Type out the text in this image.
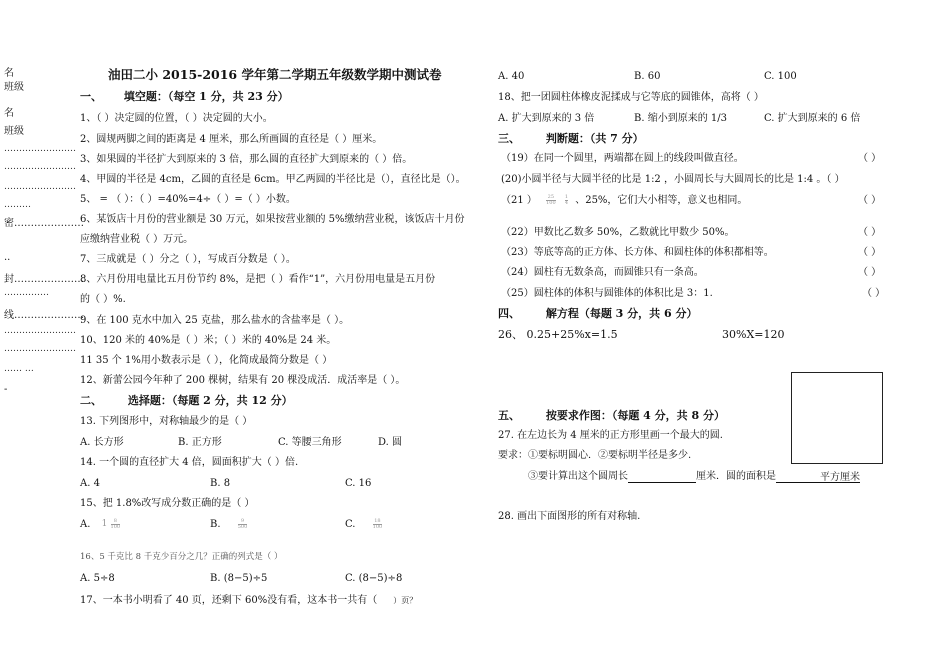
名
班级
名
班级
……………………
……………………
……………………
………
密…………………
..
封…………………
……………
线…………………
……………………
……………………
…… …
-
油田二小 2015-2016 学年第二学期五年级数学期中测试卷
一、 填空题：（每空 1 分，共 23 分）
1、（ ）决定圆的位置，（ ）决定圆的大小。
2、圆规两脚之间的距离是 4 厘米，那么所画圆的直径是（ ）厘米。
3、如果圆的半径扩大到原来的 3 倍，那么圆的直径扩大到原来的（ ）倍。
4、甲圆的半径是 4cm，乙圆的直径是 6cm。甲乙两圆的半径比是（），直径比是（）。
5、 = （ ）：（ ）=40%=4÷（ ）=（ ）小数。
6、某饭店十月份的营业额是 30 万元，如果按营业额的 5%缴纳营业税，该饭店十月份
应缴纳营业税（ ）万元。
7、三成就是（ ）分之（ ），写成百分数是（ ）。
8、六月份用电量比五月份节约 8%，是把（ ）看作“1”，六月份用电量是五月份
的（ ）%.
9、在 100 克水中加入 25 克盐，那么盐水的含盐率是（ ）。
10、120 米的 40%是（ ）米；（ ）米的 40%是 24 米。
11 35 个 1%用小数表示是（ ），化简成最简分数是（ ）
12、新蕾公园今年种了 200 棵树，结果有 20 棵没成活．成活率是（ ）。
二、 选择题：（每题 2 分，共 12 分）
13. 下列图形中，对称轴最少的是（ ）
A. 长方形	B. 正方形	C. 等腰三角形	D. 圆
14. 一个圆的直径扩大 4 倍，圆面积扩大（ ）倍.
A. 4	B. 8	C. 16
15、把 1.8%改写成分数正确的是（ ）
A. $1 \frac{8}{100}$	B.	$\frac{9}{500}$	C.	$\frac{18}{100}$
16、5 千克比 8 千克少百分之几？正确的列式是（ ）
A. 5÷8	B. (8−5)÷5	C. (8−5)÷8
17、一本书小明看了 40 页，还剩下 60%没有看，这本书一共有（ ）页？
A. 40	B. 60	C. 100
18、把一团圆柱体橡皮泥揉成与它等底的圆锥体，高将（ ）
A. 扩大到原来的 3 倍	B. 缩小到原来的 1/3	C. 扩大到原来的 6 倍
三、 判断题：（共 7 分）
（19）在同一个圆里，两端都在圆上的线段叫做直径。	（ ）
(20)小圆半径与大圆半径的比是 1:2 ，小圆周长与大圆周长的比是 1:4 。（ ）
（21 ） $\frac{25}{100} \frac{1}{4}$ 、25%，它们大小相等，意义也相同。	（ ）
（22）甲数比乙数多 50%，乙数就比甲数少 50%。	（ ）
（23）等底等高的正方体、长方体、和圆柱体的体积都相等。	（ ）
（24）圆柱有无数条高，而圆锥只有一条高。	（ ）
（25）圆柱体的体积与圆锥体的体积比是 3：1.	（ ）
四、 解方程（每题 3 分，共 6 分）
26、 0.25+25%x=1.5	30%X=120
五、 按要求作图：（每题 4 分，共 8 分）
27. 在左边长为 4 厘米的正方形里画一个最大的圆.
要求：①要标明圆心．②要标明半径是多少.
③要计算出这个圆周长	厘米．圆的面积是	平方厘米
28. 画出下面图形的所有对称轴.
